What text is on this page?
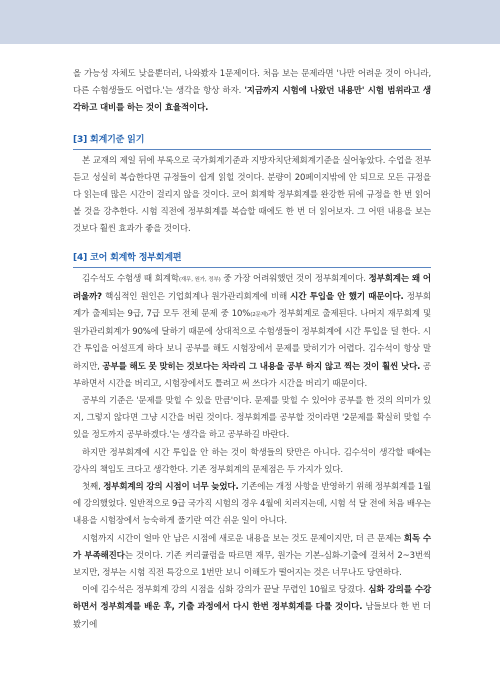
올 가능성 자체도 낮을뿐더러, 나와봤자 1문제이다. 처음 보는 문제라면 '나만 어려운 것이 아니라, 다른 수험생들도 어렵다.'는 생각을 항상 하자. '지금까지 시험에 나왔던 내용만' 시험 범위라고 생각하고 대비를 하는 것이 효율적이다.

[3] 회계기준 읽기

본 교재의 제일 뒤에 부록으로 국가회계기준과 지방자치단체회계기준을 실어놓았다. 수업을 전부 듣고 성실히 복습한다면 규정들이 쉽게 읽힐 것이다. 분량이 20페이지밖에 안 되므로 모든 규정을 다 읽는데 많은 시간이 걸리지 않을 것이다. 코어 회계학 정부회계를 완강한 뒤에 규정을 한 번 읽어볼 것을 강추한다. 시험 직전에 정부회계를 복습할 때에도 한 번 더 읽어보자. 그 어떤 내용을 보는 것보다 훨씬 효과가 좋을 것이다.

[4] 코어 회계학 정부회계편

김수석도 수험생 때 회계학(재무, 원가, 정부) 중 가장 어려워했던 것이 정부회계이다. 정부회계는 왜 어려울까? 핵심적인 원인은 기업회계나 원가관리회계에 비해 시간 투입을 안 했기 때문이다. 정부회계가 출제되는 9급, 7급 모두 전체 문제 중 10%(2문제)가 정부회계로 출제된다. 나머지 재무회계 및 원가관리회계가 90%에 달하기 때문에 상대적으로 수험생들이 정부회계에 시간 투입을 덜 한다. 시간 투입을 어설프게 하다 보니 공부를 해도 시험장에서 문제를 맞히기가 어렵다. 김수석이 항상 말하지만, 공부를 해도 못 맞히는 것보다는 차라리 그 내용을 공부 하지 않고 찍는 것이 훨씬 낫다. 공부하면서 시간을 버리고, 시험장에서도 틀려고 써 쓰다가 시간을 버리기 때문이다.

공부의 기준은 '문제를 맞힐 수 있을 만큼'이다. 문제를 맞힐 수 있어야 공부를 한 것의 의미가 있지, 그렇지 않다면 그냥 시간을 버린 것이다. 정부회계를 공부할 것이라면 '2문제를 확실히 맞힐 수 있을 정도까지 공부하겠다.'는 생각을 하고 공부하길 바란다.

하지만 정부회계에 시간 투입을 안 하는 것이 학생들의 탓만은 아니다. 김수석이 생각할 때에는 강사의 책임도 크다고 생각한다. 기존 정부회계의 문제점은 두 가지가 있다.

첫째, 정부회계의 강의 시점이 너무 늦었다. 기존에는 개정 사항을 반영하기 위해 정부회계를 1월에 강의했었다. 일반적으로 9급 국가직 시험의 경우 4월에 치러지는데, 시험 석 달 전에 처음 배우는 내용을 시험장에서 능숙하게 풀기란 여간 쉬운 일이 아니다.

시험까지 시간이 얼마 안 남은 시점에 새로운 내용을 보는 것도 문제이지만, 더 큰 문제는 회독 수가 부족해진다는 것이다. 기존 커리큘럼을 따르면 재무, 원가는 기본-심화-기출에 걸쳐서 2~3번씩 보지만, 정부는 시험 직전 특강으로 1번만 보니 이해도가 떨어지는 것은 너무나도 당연하다.

이에 김수석은 정부회계 강의 시점을 심화 강의가 끝날 무렵인 10월로 당겼다. 심화 강의를 수강하면서 정부회계를 배운 후, 기출 과정에서 다시 한번 정부회계를 다룰 것이다. 남들보다 한 번 더 봤기에
